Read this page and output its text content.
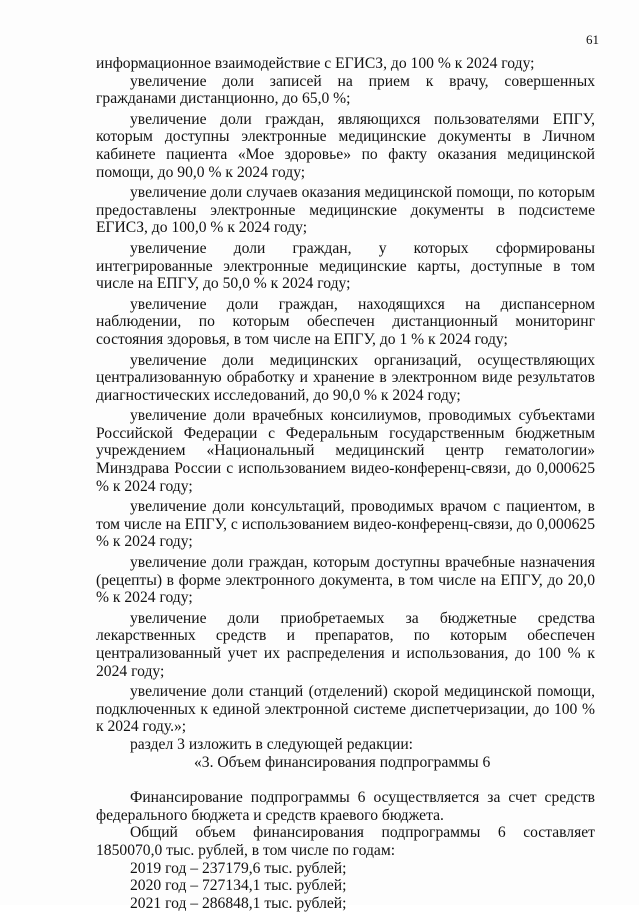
61

информационное взаимодействие с ЕГИСЗ, до 100 % к 2024 году;

увеличение доли записей на прием к врачу, совершенных гражданами дистанционно, до 65,0 %;

увеличение доли граждан, являющихся пользователями ЕПГУ, которым доступны электронные медицинские документы в Личном кабинете пациента «Мое здоровье» по факту оказания медицинской помощи, до 90,0 % к 2024 году;

увеличение доли случаев оказания медицинской помощи, по которым предоставлены электронные медицинские документы в подсистеме ЕГИСЗ, до 100,0 % к 2024 году;

увеличение доли граждан, у которых сформированы интегрированные электронные медицинские карты, доступные в том числе на ЕПГУ, до 50,0 % к 2024 году;

увеличение доли граждан, находящихся на диспансерном наблюдении, по которым обеспечен дистанционный мониторинг состояния здоровья, в том числе на ЕПГУ, до 1 % к 2024 году;

увеличение доли медицинских организаций, осуществляющих централизованную обработку и хранение в электронном виде результатов диагностических исследований, до 90,0 % к 2024 году;

увеличение доли врачебных консилиумов, проводимых субъектами Российской Федерации с Федеральным государственным бюджетным учреждением «Национальный медицинский центр гематологии» Минздрава России с использованием видео-конференц-связи, до 0,000625 % к 2024 году;

увеличение доли консультаций, проводимых врачом с пациентом, в том числе на ЕПГУ, с использованием видео-конференц-связи, до 0,000625 % к 2024 году;

увеличение доли граждан, которым доступны врачебные назначения (рецепты) в форме электронного документа, в том числе на ЕПГУ, до 20,0 % к 2024 году;

увеличение доли приобретаемых за бюджетные средства лекарственных средств и препаратов, по которым обеспечен централизованный учет их распределения и использования, до 100 % к 2024 году;

увеличение доли станций (отделений) скорой медицинской помощи, подключенных к единой электронной системе диспетчеризации, до 100 % к 2024 году.»;

раздел 3 изложить в следующей редакции:

«3. Объем финансирования подпрограммы 6

Финансирование подпрограммы 6 осуществляется за счет средств федерального бюджета и средств краевого бюджета.

Общий объем финансирования подпрограммы 6 составляет 1850070,0 тыс. рублей, в том числе по годам:

2019 год – 237179,6 тыс. рублей;

2020 год – 727134,1 тыс. рублей;

2021 год – 286848,1 тыс. рублей;
